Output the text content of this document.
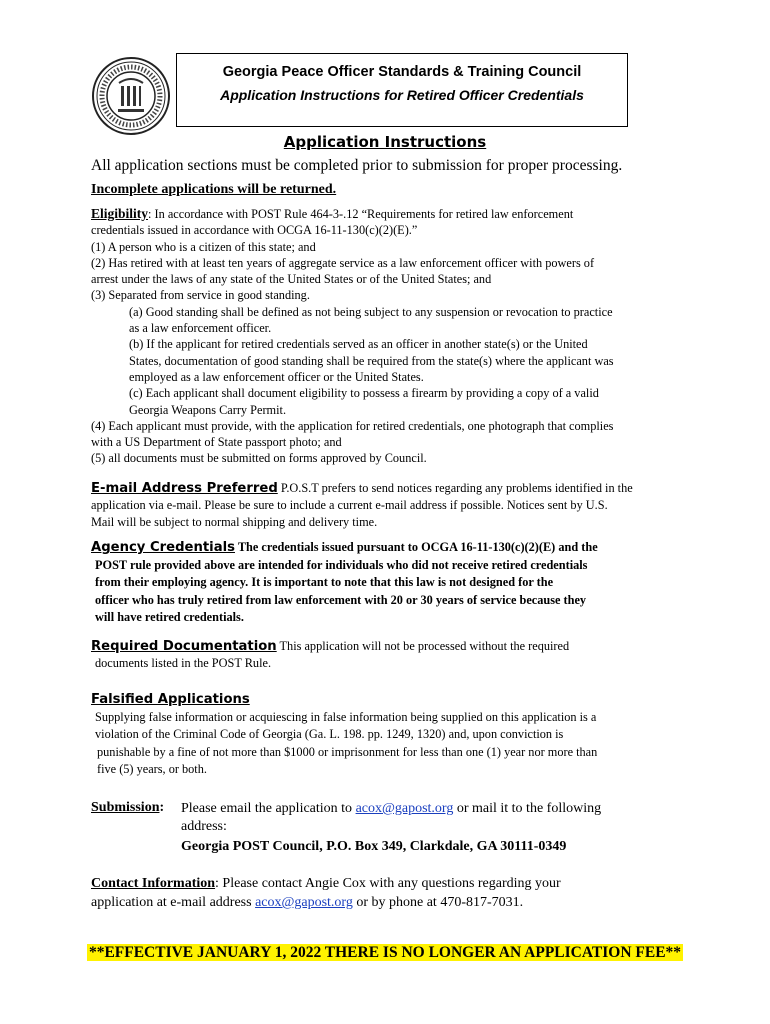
Georgia Peace Officer Standards & Training Council
Application Instructions for Retired Officer Credentials
Application Instructions
All application sections must be completed prior to submission for proper processing.
Incomplete applications will be returned.
Eligibility: In accordance with POST Rule 464-3-.12 “Requirements for retired law enforcement
credentials issued in accordance with OCGA 16-11-130(c)(2)(E).”
(1) A person who is a citizen of this state; and
(2) Has retired with at least ten years of aggregate service as a law enforcement officer with powers of
arrest under the laws of any state of the United States or of the United States; and
(3) Separated from service in good standing.
(a) Good standing shall be defined as not being subject to any suspension or revocation to practice
as a law enforcement officer.
(b) If the applicant for retired credentials served as an officer in another state(s) or the United
States, documentation of good standing shall be required from the state(s) where the applicant was
employed as a law enforcement officer or the United States.
(c) Each applicant shall document eligibility to possess a firearm by providing a copy of a valid
Georgia Weapons Carry Permit.
(4) Each applicant must provide, with the application for retired credentials, one photograph that complies
with a US Department of State passport photo; and
(5) all documents must be submitted on forms approved by Council.
E-mail Address Preferred P.O.S.T prefers to send notices regarding any problems identified in the
application via e-mail. Please be sure to include a current e-mail address if possible. Notices sent by U.S.
Mail will be subject to normal shipping and delivery time.
Agency Credentials The credentials issued pursuant to OCGA 16-11-130(c)(2)(E) and the
POST rule provided above are intended for individuals who did not receive retired credentials
from their employing agency. It is important to note that this law is not designed for the
officer who has truly retired from law enforcement with 20 or 30 years of service because they
will have retired credentials.
Required Documentation This application will not be processed without the required
documents listed in the POST Rule.
Falsified Applications
Supplying false information or acquiescing in false information being supplied on this application is a
violation of the Criminal Code of Georgia (Ga. L. 198. pp. 1249, 1320) and, upon conviction is
punishable by a fine of not more than $1000 or imprisonment for less than one (1) year nor more than
five (5) years, or both.
Submission: Please email the application to acox@gapost.org or mail it to the following
address:
Georgia POST Council, P.O. Box 349, Clarkdale, GA 30111-0349
Contact Information: Please contact Angie Cox with any questions regarding your
application at e-mail address acox@gapost.org or by phone at 470-817-7031.
**EFFECTIVE JANUARY 1, 2022 THERE IS NO LONGER AN APPLICATION FEE**
